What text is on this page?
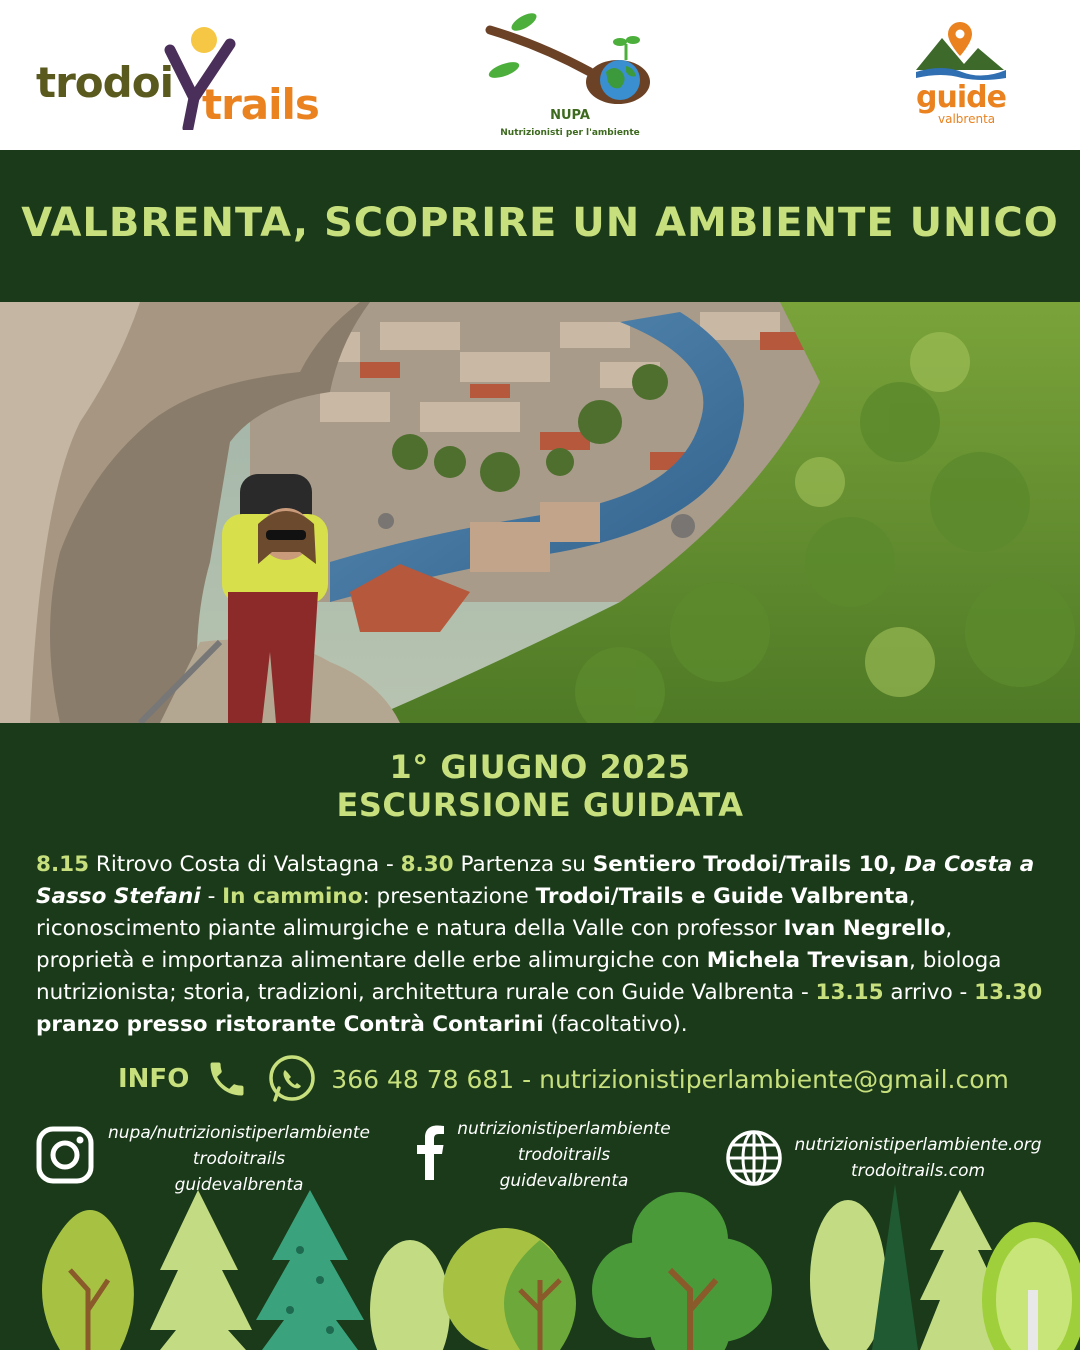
trodoi trails	NUPA
Nutrizionisti per l'ambiente
guide
valbrenta
VALBRENTA, SCOPRIRE UN AMBIENTE UNICO
1° GIUGNO 2025
ESCURSIONE GUIDATA
8.15 Ritrovo Costa di Valstagna - 8.30 Partenza su Sentiero Trodoi/Trails 10, Da Costa a Sasso Stefani - In cammino: presentazione Trodoi/Trails e Guide Valbrenta, riconoscimento piante alimurgiche e natura della Valle con professor Ivan Negrello, proprietà e importanza alimentare delle erbe alimurgiche con Michela Trevisan, biologa nutrizionista; storia, tradizioni, architettura rurale con Guide Valbrenta - 13.15 arrivo - 13.30 pranzo presso ristorante Contrà Contarini (facoltativo).
INFO	366 48 78 681 - nutrizionistiperlambiente@gmail.com
nupa/nutrizionistiperlambiente
trodoitrails
guidevalbrenta
nutrizionistiperlambiente
trodoitrails
guidevalbrenta
nutrizionistiperlambiente.org
trodoitrails.com
